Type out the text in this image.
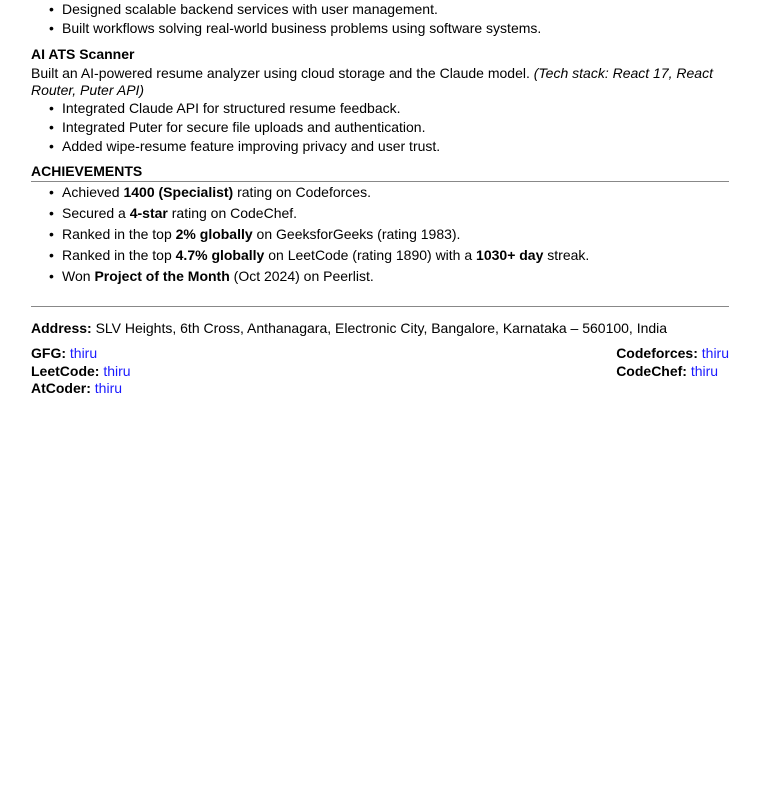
• Designed scalable backend services with user management.
• Built workflows solving real-world business problems using software systems.
AI ATS Scanner
Built an AI-powered resume analyzer using cloud storage and the Claude model. (Tech stack: React 17, React Router, Puter API)
• Integrated Claude API for structured resume feedback.
• Integrated Puter for secure file uploads and authentication.
• Added wipe-resume feature improving privacy and user trust.
ACHIEVEMENTS
• Achieved 1400 (Specialist) rating on Codeforces.
• Secured a 4-star rating on CodeChef.
• Ranked in the top 2% globally on GeeksforGeeks (rating 1983).
• Ranked in the top 4.7% globally on LeetCode (rating 1890) with a 1030+ day streak.
• Won Project of the Month (Oct 2024) on Peerlist.
Address: SLV Heights, 6th Cross, Anthanagara, Electronic City, Bangalore, Karnataka – 560100, India
GFG: thiru
LeetCode: thiru
AtCoder: thiru
Codeforces: thiru
CodeChef: thiru
